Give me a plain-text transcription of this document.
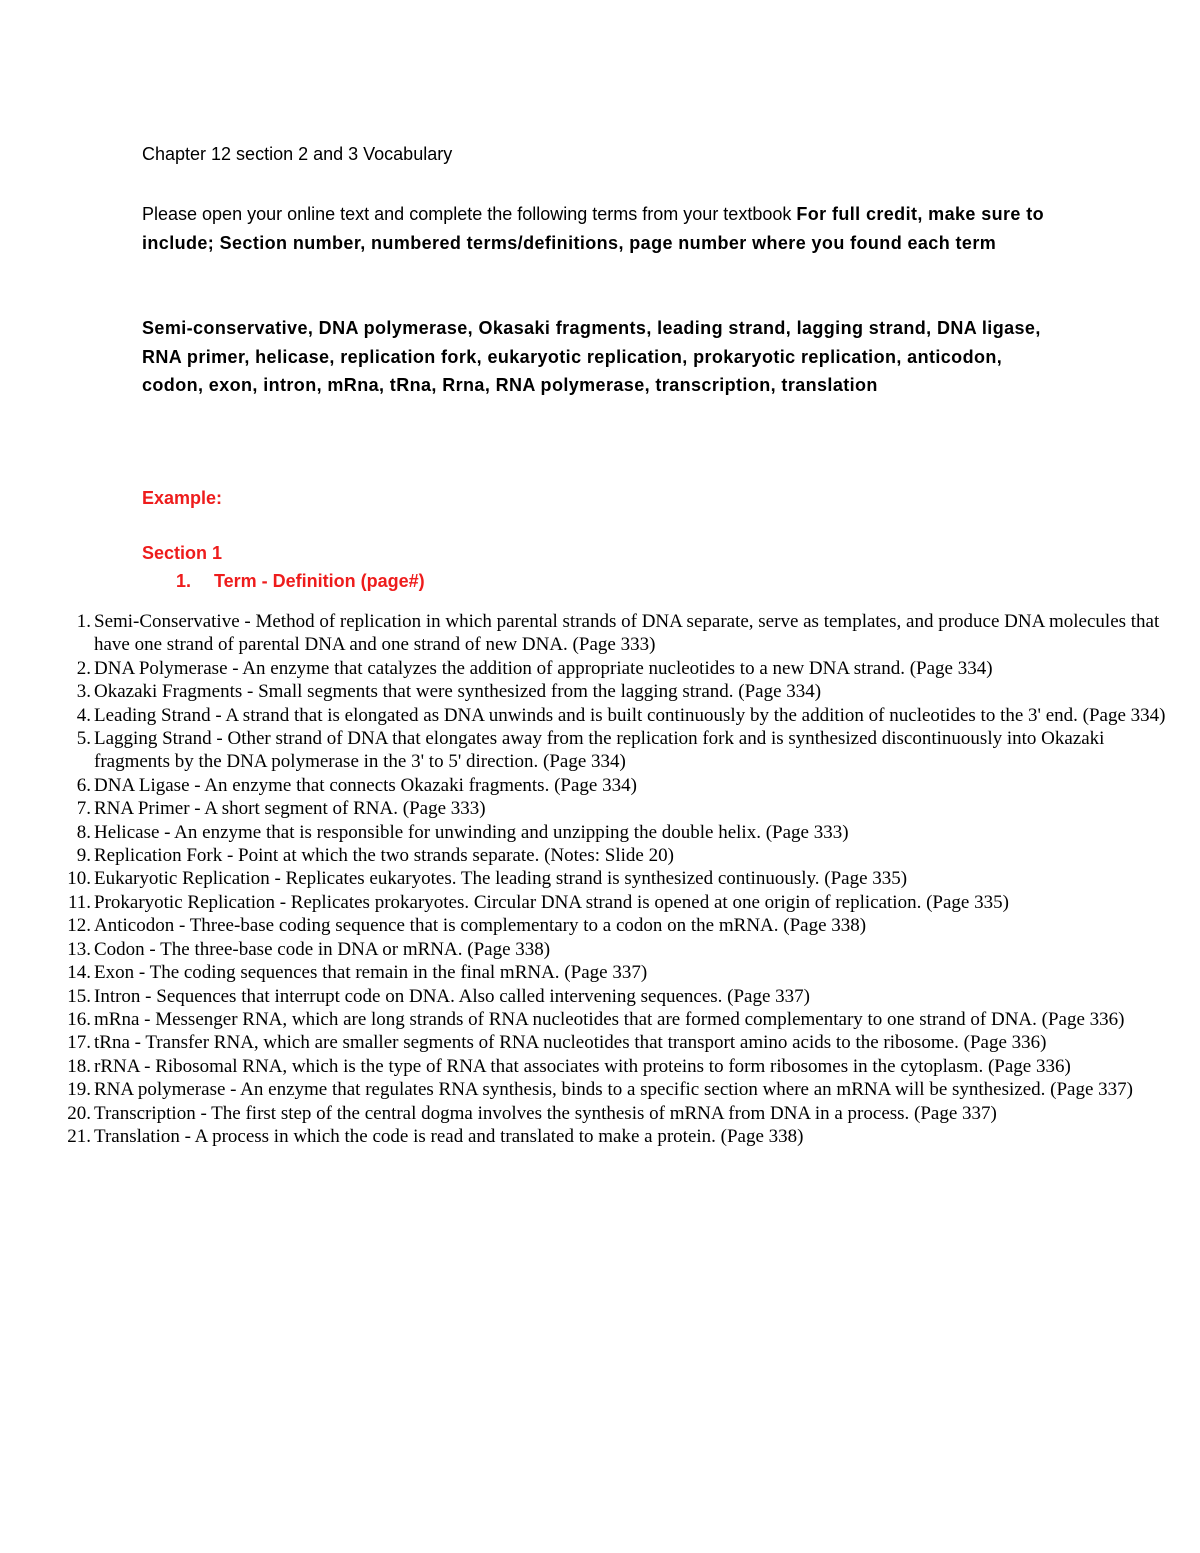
Chapter 12 section 2 and 3 Vocabulary

Please open your online text and complete the following terms from your textbook For full credit, make sure to include; Section number, numbered terms/definitions, page number where you found each term

Semi-conservative, DNA polymerase, Okasaki fragments, leading strand, lagging strand, DNA ligase, RNA primer, helicase, replication fork, eukaryotic replication, prokaryotic replication, anticodon, codon, exon, intron, mRna, tRna, Rrna, RNA polymerase, transcription, translation

Example:

Section 1

1. Term - Definition (page#)

1. Semi-Conservative - Method of replication in which parental strands of DNA separate, serve as templates, and produce DNA molecules that have one strand of parental DNA and one strand of new DNA. (Page 333)
2. DNA Polymerase - An enzyme that catalyzes the addition of appropriate nucleotides to a new DNA strand. (Page 334)
3. Okazaki Fragments - Small segments that were synthesized from the lagging strand. (Page 334)
4. Leading Strand - A strand that is elongated as DNA unwinds and is built continuously by the addition of nucleotides to the 3' end. (Page 334)
5. Lagging Strand - Other strand of DNA that elongates away from the replication fork and is synthesized discontinuously into Okazaki fragments by the DNA polymerase in the 3' to 5' direction. (Page 334)
6. DNA Ligase - An enzyme that connects Okazaki fragments. (Page 334)
7. RNA Primer - A short segment of RNA. (Page 333)
8. Helicase - An enzyme that is responsible for unwinding and unzipping the double helix. (Page 333)
9. Replication Fork - Point at which the two strands separate. (Notes: Slide 20)
10. Eukaryotic Replication - Replicates eukaryotes. The leading strand is synthesized continuously. (Page 335)
11. Prokaryotic Replication - Replicates prokaryotes. Circular DNA strand is opened at one origin of replication. (Page 335)
12. Anticodon - Three-base coding sequence that is complementary to a codon on the mRNA. (Page 338)
13. Codon - The three-base code in DNA or mRNA. (Page 338)
14. Exon - The coding sequences that remain in the final mRNA. (Page 337)
15. Intron - Sequences that interrupt code on DNA. Also called intervening sequences. (Page 337)
16. mRna - Messenger RNA, which are long strands of RNA nucleotides that are formed complementary to one strand of DNA. (Page 336)
17. tRna - Transfer RNA, which are smaller segments of RNA nucleotides that transport amino acids to the ribosome. (Page 336)
18. rRNA - Ribosomal RNA, which is the type of RNA that associates with proteins to form ribosomes in the cytoplasm. (Page 336)
19. RNA polymerase - An enzyme that regulates RNA synthesis, binds to a specific section where an mRNA will be synthesized. (Page 337)
20. Transcription - The first step of the central dogma involves the synthesis of mRNA from DNA in a process. (Page 337)
21. Translation - A process in which the code is read and translated to make a protein. (Page 338)
